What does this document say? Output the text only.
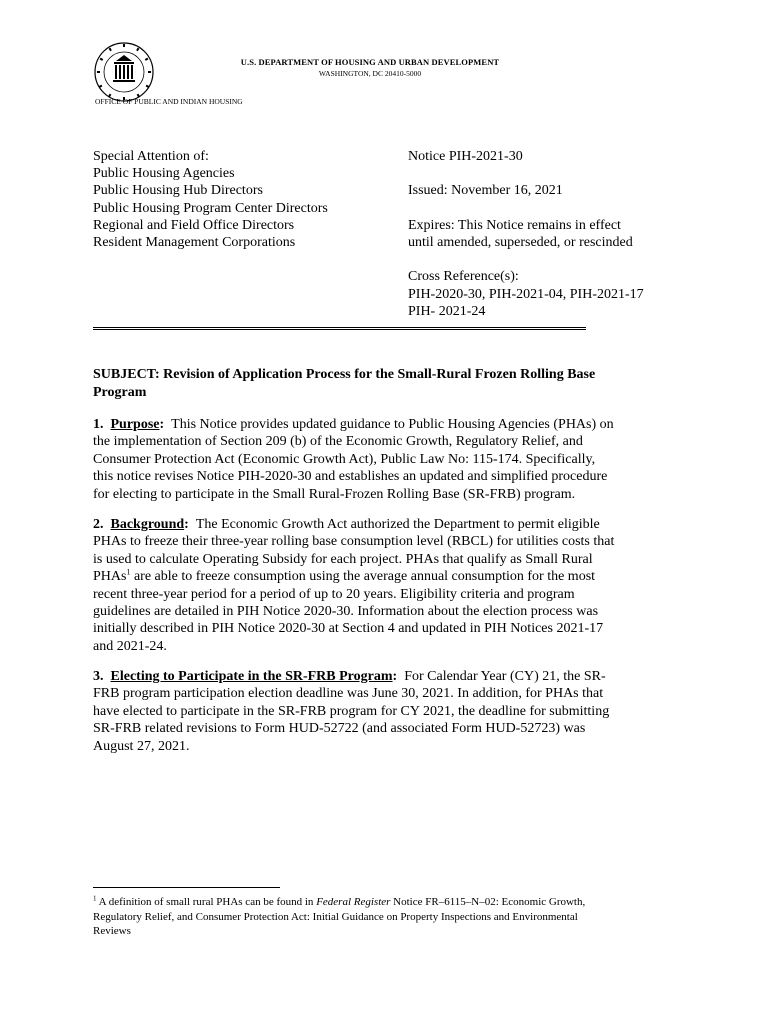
U.S. DEPARTMENT OF HOUSING AND URBAN DEVELOPMENT
WASHINGTON, DC 20410-5000
OFFICE OF PUBLIC AND INDIAN HOUSING
Special Attention of:
Public Housing Agencies
Public Housing Hub Directors
Public Housing Program Center Directors
Regional and Field Office Directors
Resident Management Corporations
Notice PIH-2021-30
Issued: November 16, 2021
Expires: This Notice remains in effect
until amended, superseded, or rescinded
Cross Reference(s):
PIH-2020-30, PIH-2021-04, PIH-2021-17
PIH- 2021-24
SUBJECT: Revision of Application Process for the Small-Rural Frozen Rolling Base
Program
1. Purpose: This Notice provides updated guidance to Public Housing Agencies (PHAs) on
the implementation of Section 209 (b) of the Economic Growth, Regulatory Relief, and
Consumer Protection Act (Economic Growth Act), Public Law No: 115-174. Specifically,
this notice revises Notice PIH-2020-30 and establishes an updated and simplified procedure
for electing to participate in the Small Rural-Frozen Rolling Base (SR-FRB) program.
2. Background: The Economic Growth Act authorized the Department to permit eligible
PHAs to freeze their three-year rolling base consumption level (RBCL) for utilities costs that
is used to calculate Operating Subsidy for each project. PHAs that qualify as Small Rural
PHAs$^1$ are able to freeze consumption using the average annual consumption for the most
recent three-year period for a period of up to 20 years. Eligibility criteria and program
guidelines are detailed in PIH Notice 2020-30. Information about the election process was
initially described in PIH Notice 2020-30 at Section 4 and updated in PIH Notices 2021-17
and 2021-24.
3. Electing to Participate in the SR-FRB Program: For Calendar Year (CY) 21, the SR-
FRB program participation election deadline was June 30, 2021. In addition, for PHAs that
have elected to participate in the SR-FRB program for CY 2021, the deadline for submitting
SR-FRB related revisions to Form HUD-52722 (and associated Form HUD-52723) was
August 27, 2021.
$^1$ A definition of small rural PHAs can be found in Federal Register Notice FR–6115–N–02: Economic Growth,
Regulatory Relief, and Consumer Protection Act: Initial Guidance on Property Inspections and Environmental
Reviews
